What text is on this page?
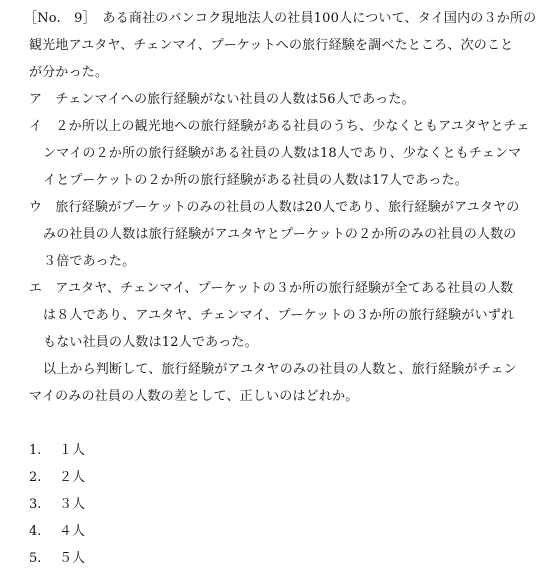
［No.　9］　ある商社のバンコク現地法人の社員100人について、タイ国内の３か所の
観光地アユタヤ、チェンマイ、プーケットへの旅行経験を調べたところ、次のこと
が分かった。
ア　チェンマイへの旅行経験がない社員の人数は56人であった。
イ　２か所以上の観光地への旅行経験がある社員のうち、少なくともアユタヤとチェ
ンマイの２か所の旅行経験がある社員の人数は18人であり、少なくともチェンマ
イとプーケットの２か所の旅行経験がある社員の人数は17人であった。
ウ　旅行経験がプーケットのみの社員の人数は20人であり、旅行経験がアユタヤの
みの社員の人数は旅行経験がアユタヤとプーケットの２か所のみの社員の人数の
３倍であった。
エ　アユタヤ、チェンマイ、プーケットの３か所の旅行経験が全てある社員の人数
は８人であり、アユタヤ、チェンマイ、プーケットの３か所の旅行経験がいずれ
もない社員の人数は12人であった。
以上から判断して、旅行経験がアユタヤのみの社員の人数と、旅行経験がチェン
マイのみの社員の人数の差として、正しいのはどれか。
1. １人
2. ２人
3. ３人
4. ４人
5. ５人
